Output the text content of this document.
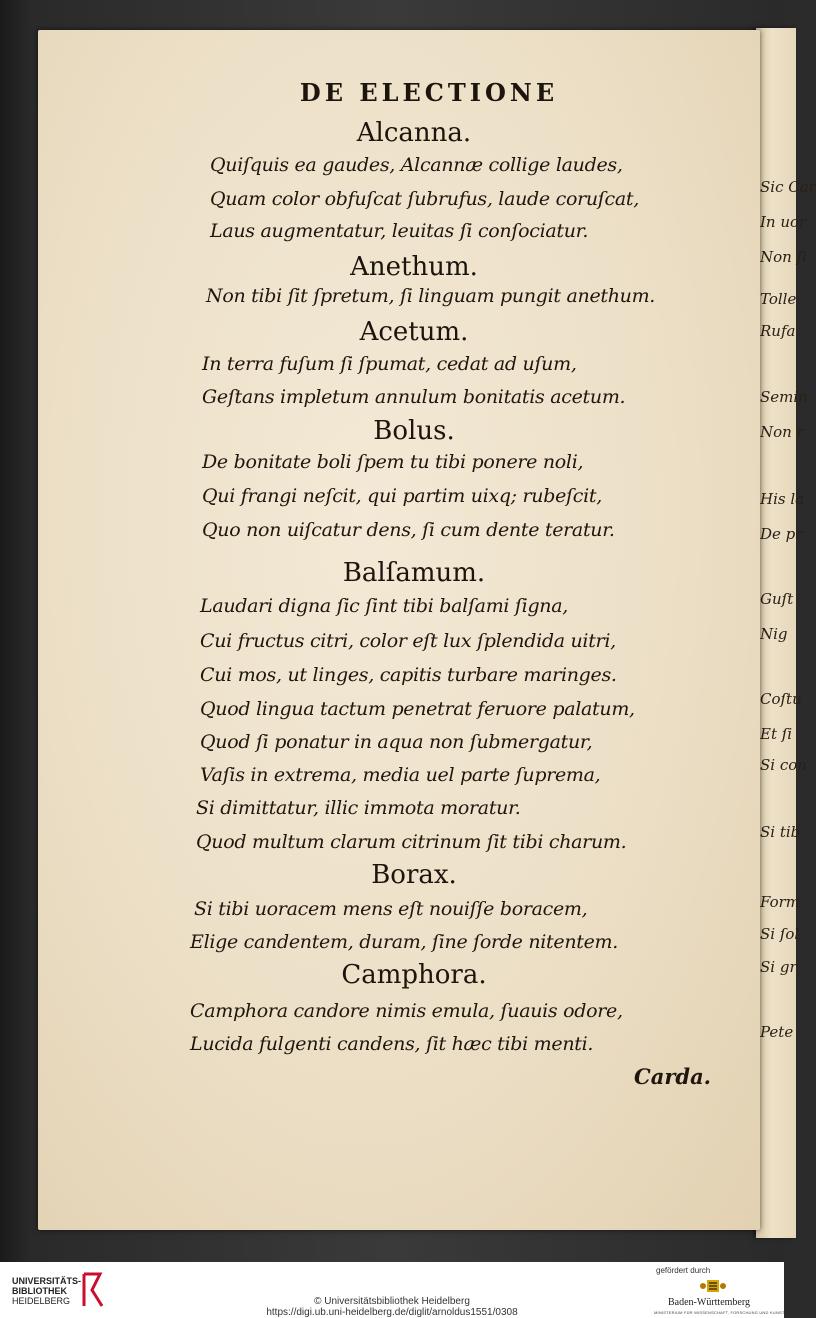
Sic Car
In uor
Non ſi
Tolle
Rufa
Semin
Non r
His la
De pr
Guſt
Nig
Coſtu
Et ſi
Si con
Si tib
Form
Si ſol
Si gr
Pete
DE ELECTIONE
Alcanna.
Quiſquis ea gaudes, Alcannæ collige laudes,
Quam color obfuſcat ſubrufus, laude coruſcat,
Laus augmentatur, leuitas ſi conſociatur.
Anethum.
Non tibi ſit ſpretum, ſi linguam pungit anethum.
Acetum.
In terra fuſum ſi ſpumat, cedat ad uſum,
Geſtans impletum annulum bonitatis acetum.
Bolus.
De bonitate boli ſpem tu tibi ponere noli,
Qui frangi neſcit, qui partim uixq; rubeſcit,
Quo non uiſcatur dens, ſi cum dente teratur.
Balſamum.
Laudari digna ſic ſint tibi balſami ſigna,
Cui fructus citri, color eſt lux ſplendida uitri,
Cui mos, ut linges, capitis turbare maringes.
Quod lingua tactum penetrat feruore palatum,
Quod ſi ponatur in aqua non ſubmergatur,
Vaſis in extrema, media uel parte ſuprema,
Si dimittatur, illic immota moratur.
Quod multum clarum citrinum ſit tibi charum.
Borax.
Si tibi uoracem mens eſt nouiſſe boracem,
Elige candentem, duram, ſine ſorde nitentem.
Camphora.
Camphora candore nimis emula, ſuauis odore,
Lucida fulgenti candens, ſit hæc tibi menti.
Carda.
UNIVERSITÄTS-
BIBLIOTHEK
HEIDELBERG	© Universitätsbibliothek Heidelberg
https://digi.ub.uni-heidelberg.de/diglit/arnoldus1551/0308
gefördert durch
Baden-Württemberg
MINISTERIUM FÜR WISSENSCHAFT, FORSCHUNG UND KUNST
